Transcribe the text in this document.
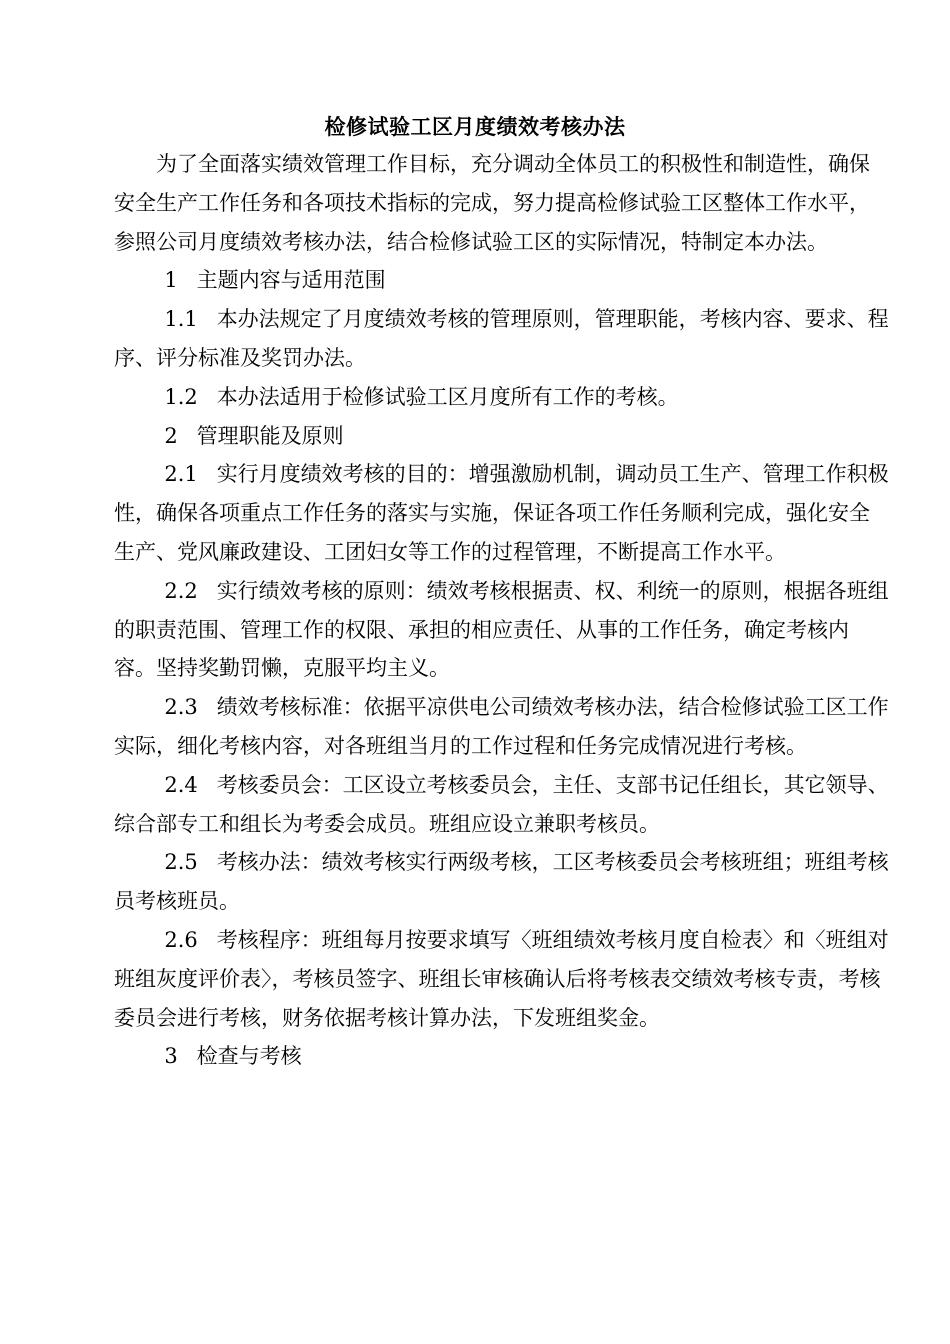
检修试验工区月度绩效考核办法

为了全面落实绩效管理工作目标，充分调动全体员工的积极性和制造性，确保安全生产工作任务和各项技术指标的完成，努力提高检修试验工区整体工作水平，参照公司月度绩效考核办法，结合检修试验工区的实际情况，特制定本办法。

1 主题内容与适用范围

1.1 本办法规定了月度绩效考核的管理原则，管理职能，考核内容、要求、程序、评分标准及奖罚办法。

1.2 本办法适用于检修试验工区月度所有工作的考核。

2 管理职能及原则

2.1 实行月度绩效考核的目的：增强激励机制，调动员工生产、管理工作积极性，确保各项重点工作任务的落实与实施，保证各项工作任务顺利完成，强化安全生产、党风廉政建设、工团妇女等工作的过程管理，不断提高工作水平。

2.2 实行绩效考核的原则：绩效考核根据责、权、利统一的原则，根据各班组的职责范围、管理工作的权限、承担的相应责任、从事的工作任务，确定考核内容。坚持奖勤罚懒，克服平均主义。

2.3 绩效考核标准：依据平凉供电公司绩效考核办法，结合检修试验工区工作实际，细化考核内容，对各班组当月的工作过程和任务完成情况进行考核。

2.4 考核委员会：工区设立考核委员会，主任、支部书记任组长，其它领导、综合部专工和组长为考委会成员。班组应设立兼职考核员。

2.5 考核办法：绩效考核实行两级考核，工区考核委员会考核班组；班组考核员考核班员。

2.6 考核程序：班组每月按要求填写〈班组绩效考核月度自检表〉和〈班组对班组灰度评价表〉，考核员签字、班组长审核确认后将考核表交绩效考核专责，考核委员会进行考核，财务依据考核计算办法，下发班组奖金。

3 检查与考核
